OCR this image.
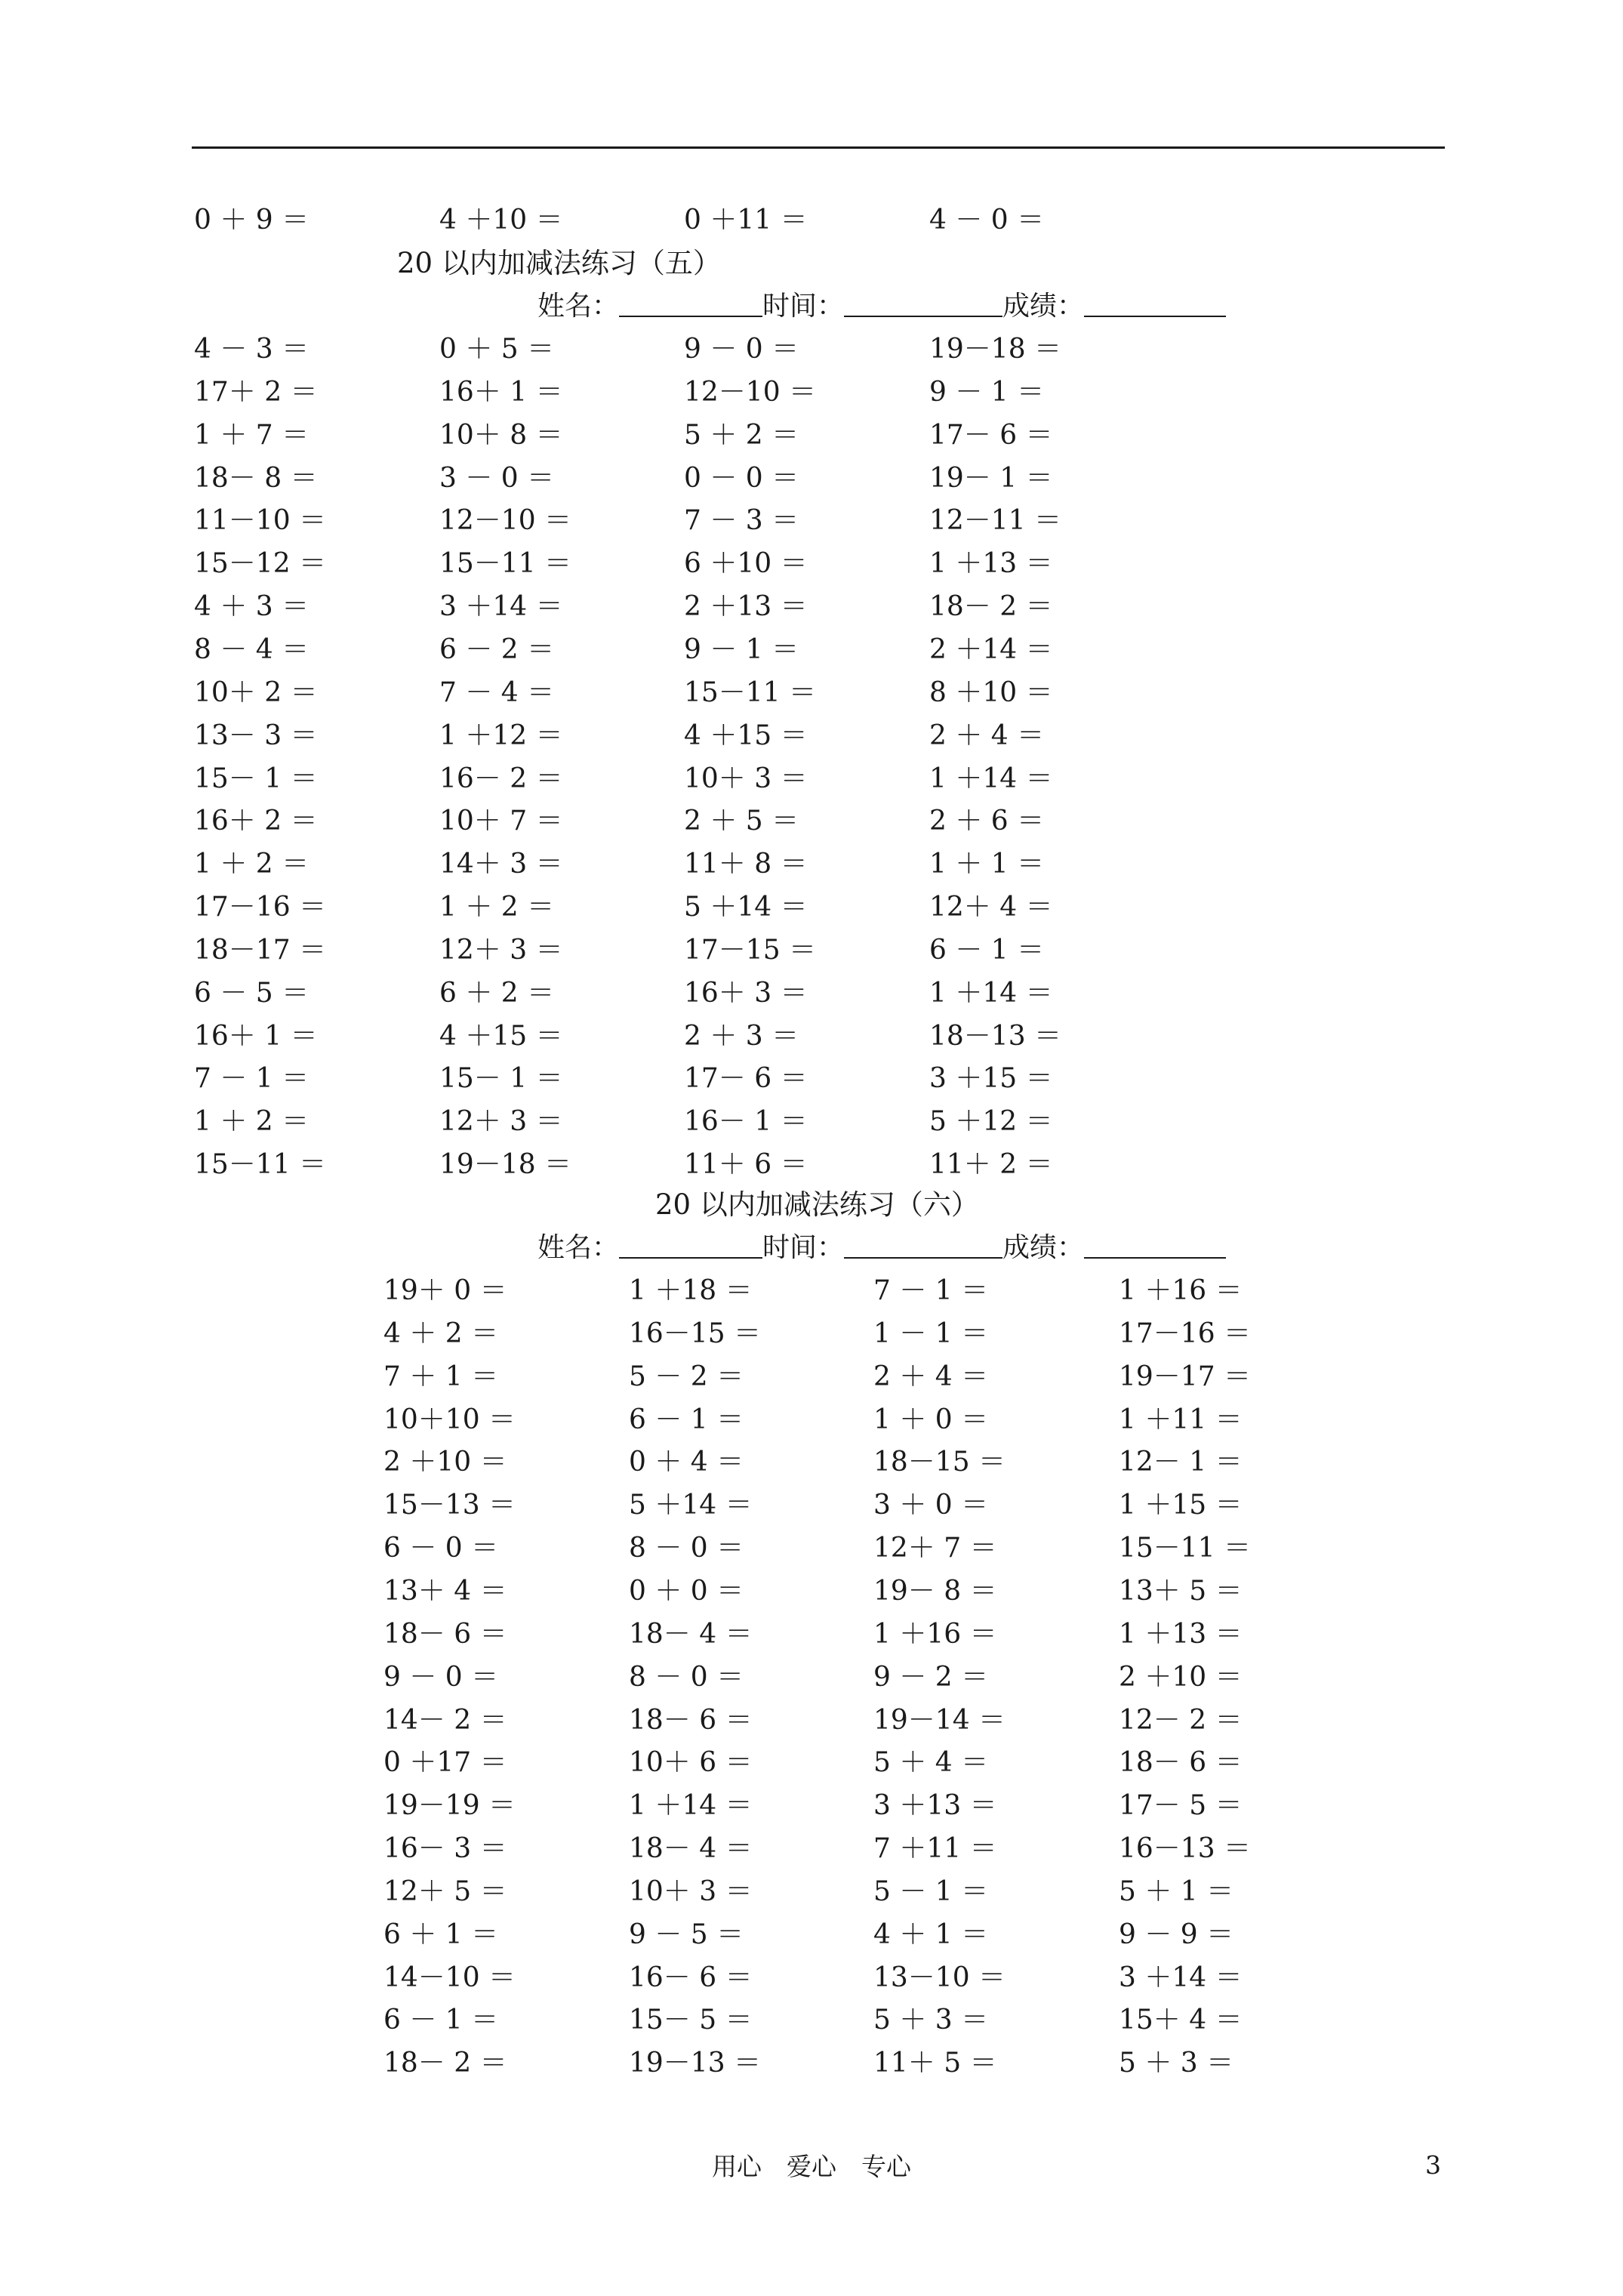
0 ＋ 9 ＝	4 ＋10 ＝	0 ＋11 ＝	4 － 0 ＝
20 以内加减法练习（五）
姓名：	时间：	成绩：
4 － 3 ＝	0 ＋ 5 ＝	9 － 0 ＝	19－18 ＝
17＋ 2 ＝	16＋ 1 ＝	12－10 ＝	9 － 1 ＝
1 ＋ 7 ＝	10＋ 8 ＝	5 ＋ 2 ＝	17－ 6 ＝
18－ 8 ＝	3 － 0 ＝	0 － 0 ＝	19－ 1 ＝
11－10 ＝	12－10 ＝	7 － 3 ＝	12－11 ＝
15－12 ＝	15－11 ＝	6 ＋10 ＝	1 ＋13 ＝
4 ＋ 3 ＝	3 ＋14 ＝	2 ＋13 ＝	18－ 2 ＝
8 － 4 ＝	6 － 2 ＝	9 － 1 ＝	2 ＋14 ＝
10＋ 2 ＝	7 － 4 ＝	15－11 ＝	8 ＋10 ＝
13－ 3 ＝	1 ＋12 ＝	4 ＋15 ＝	2 ＋ 4 ＝
15－ 1 ＝	16－ 2 ＝	10＋ 3 ＝	1 ＋14 ＝
16＋ 2 ＝	10＋ 7 ＝	2 ＋ 5 ＝	2 ＋ 6 ＝
1 ＋ 2 ＝	14＋ 3 ＝	11＋ 8 ＝	1 ＋ 1 ＝
17－16 ＝	1 ＋ 2 ＝	5 ＋14 ＝	12＋ 4 ＝
18－17 ＝	12＋ 3 ＝	17－15 ＝	6 － 1 ＝
6 － 5 ＝	6 ＋ 2 ＝	16＋ 3 ＝	1 ＋14 ＝
16＋ 1 ＝	4 ＋15 ＝	2 ＋ 3 ＝	18－13 ＝
7 － 1 ＝	15－ 1 ＝	17－ 6 ＝	3 ＋15 ＝
1 ＋ 2 ＝	12＋ 3 ＝	16－ 1 ＝	5 ＋12 ＝
15－11 ＝	19－18 ＝	11＋ 6 ＝	11＋ 2 ＝
20 以内加减法练习（六）
姓名：	时间：	成绩：
19＋ 0 ＝	1 ＋18 ＝	7 － 1 ＝	1 ＋16 ＝
4 ＋ 2 ＝	16－15 ＝	1 － 1 ＝	17－16 ＝
7 ＋ 1 ＝	5 － 2 ＝	2 ＋ 4 ＝	19－17 ＝
10＋10 ＝	6 － 1 ＝	1 ＋ 0 ＝	1 ＋11 ＝
2 ＋10 ＝	0 ＋ 4 ＝	18－15 ＝	12－ 1 ＝
15－13 ＝	5 ＋14 ＝	3 ＋ 0 ＝	1 ＋15 ＝
6 － 0 ＝	8 － 0 ＝	12＋ 7 ＝	15－11 ＝
13＋ 4 ＝	0 ＋ 0 ＝	19－ 8 ＝	13＋ 5 ＝
18－ 6 ＝	18－ 4 ＝	1 ＋16 ＝	1 ＋13 ＝
9 － 0 ＝	8 － 0 ＝	9 － 2 ＝	2 ＋10 ＝
14－ 2 ＝	18－ 6 ＝	19－14 ＝	12－ 2 ＝
0 ＋17 ＝	10＋ 6 ＝	5 ＋ 4 ＝	18－ 6 ＝
19－19 ＝	1 ＋14 ＝	3 ＋13 ＝	17－ 5 ＝
16－ 3 ＝	18－ 4 ＝	7 ＋11 ＝	16－13 ＝
12＋ 5 ＝	10＋ 3 ＝	5 － 1 ＝	5 ＋ 1 ＝
6 ＋ 1 ＝	9 － 5 ＝	4 ＋ 1 ＝	9 － 9 ＝
14－10 ＝	16－ 6 ＝	13－10 ＝	3 ＋14 ＝
6 － 1 ＝	15－ 5 ＝	5 ＋ 3 ＝	15＋ 4 ＝
18－ 2 ＝	19－13 ＝	11＋ 5 ＝	5 ＋ 3 ＝
用心　爱心　专心	3
